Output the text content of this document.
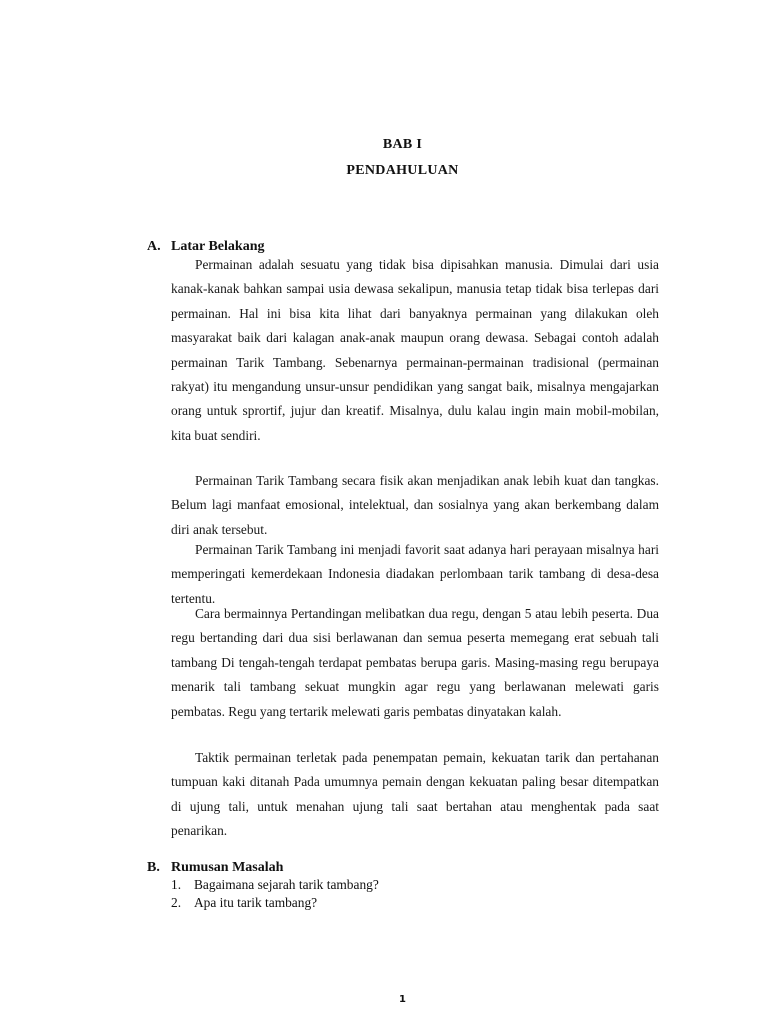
BAB I
PENDAHULUAN
A. Latar Belakang

Permainan adalah sesuatu yang tidak bisa dipisahkan manusia. Dimulai dari usia kanak-kanak bahkan sampai usia dewasa sekalipun, manusia tetap tidak bisa terlepas dari permainan. Hal ini bisa kita lihat dari banyaknya permainan yang dilakukan oleh masyarakat baik dari kalagan anak-anak maupun orang dewasa. Sebagai contoh adalah permainan Tarik Tambang. Sebenarnya permainan-permainan tradisional (permainan rakyat) itu mengandung unsur-unsur pendidikan yang sangat baik, misalnya mengajarkan orang untuk sprortif, jujur dan kreatif. Misalnya, dulu kalau ingin main mobil-mobilan, kita buat sendiri.

Permainan Tarik Tambang secara fisik akan menjadikan anak lebih kuat dan tangkas. Belum lagi manfaat emosional, intelektual, dan sosialnya yang akan berkembang dalam diri anak tersebut.

Permainan Tarik Tambang ini menjadi favorit saat adanya hari perayaan misalnya hari memperingati kemerdekaan Indonesia diadakan perlombaan tarik tambang di desa-desa tertentu.

Cara bermainnya Pertandingan melibatkan dua regu, dengan 5 atau lebih peserta. Dua regu bertanding dari dua sisi berlawanan dan semua peserta memegang erat sebuah tali tambang Di tengah-tengah terdapat pembatas berupa garis. Masing-masing regu berupaya menarik tali tambang sekuat mungkin agar regu yang berlawanan melewati garis pembatas. Regu yang tertarik melewati garis pembatas dinyatakan kalah.

Taktik permainan terletak pada penempatan pemain, kekuatan tarik dan pertahanan tumpuan kaki ditanah Pada umumnya pemain dengan kekuatan paling besar ditempatkan di ujung tali, untuk menahan ujung tali saat bertahan atau menghentak pada saat penarikan.

B. Rumusan Masalah
1. Bagaimana sejarah tarik tambang?
2. Apa itu tarik tambang?
1
